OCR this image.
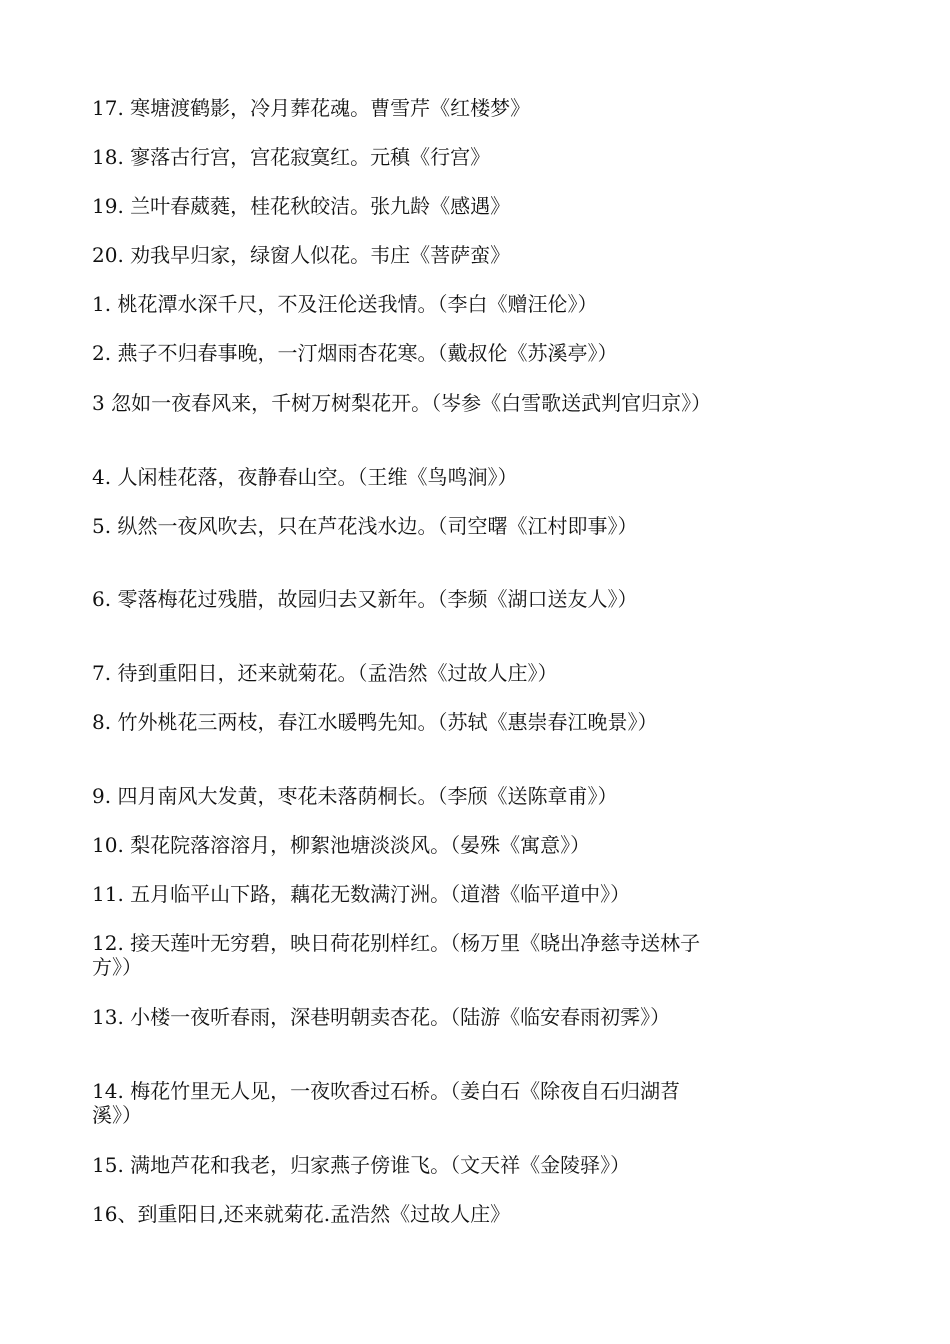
17. 寒塘渡鹤影，冷月葬花魂。曹雪芹《红楼梦》

18. 寥落古行宫，宫花寂寞红。元稹《行宫》

19. 兰叶春葳蕤，桂花秋皎洁。张九龄《感遇》

20. 劝我早归家，绿窗人似花。韦庄《菩萨蛮》

1. 桃花潭水深千尺，不及汪伦送我情。（李白《赠汪伦》）

2. 燕子不归春事晚，一汀烟雨杏花寒。（戴叔伦《苏溪亭》）

3 忽如一夜春风来，千树万树梨花开。（岑参《白雪歌送武判官归京》）

4. 人闲桂花落，夜静春山空。（王维《鸟鸣涧》）

5. 纵然一夜风吹去，只在芦花浅水边。（司空曙《江村即事》）

6. 零落梅花过残腊，故园归去又新年。（李频《湖口送友人》）

7. 待到重阳日，还来就菊花。（孟浩然《过故人庄》）

8. 竹外桃花三两枝，春江水暖鸭先知。（苏轼《惠崇春江晚景》）

9. 四月南风大发黄，枣花未落荫桐长。（李颀《送陈章甫》）

10. 梨花院落溶溶月，柳絮池塘淡淡风。（晏殊《寓意》）

11. 五月临平山下路，藕花无数满汀洲。（道潜《临平道中》）

12. 接天莲叶无穷碧，映日荷花别样红。（杨万里《晓出净慈寺送林子方》）

13. 小楼一夜听春雨，深巷明朝卖杏花。（陆游《临安春雨初霁》）

14. 梅花竹里无人见，一夜吹香过石桥。（姜白石《除夜自石归湖苕溪》）

15. 满地芦花和我老，归家燕子傍谁飞。（文天祥《金陵驿》）

16、到重阳日,还来就菊花.孟浩然《过故人庄》
